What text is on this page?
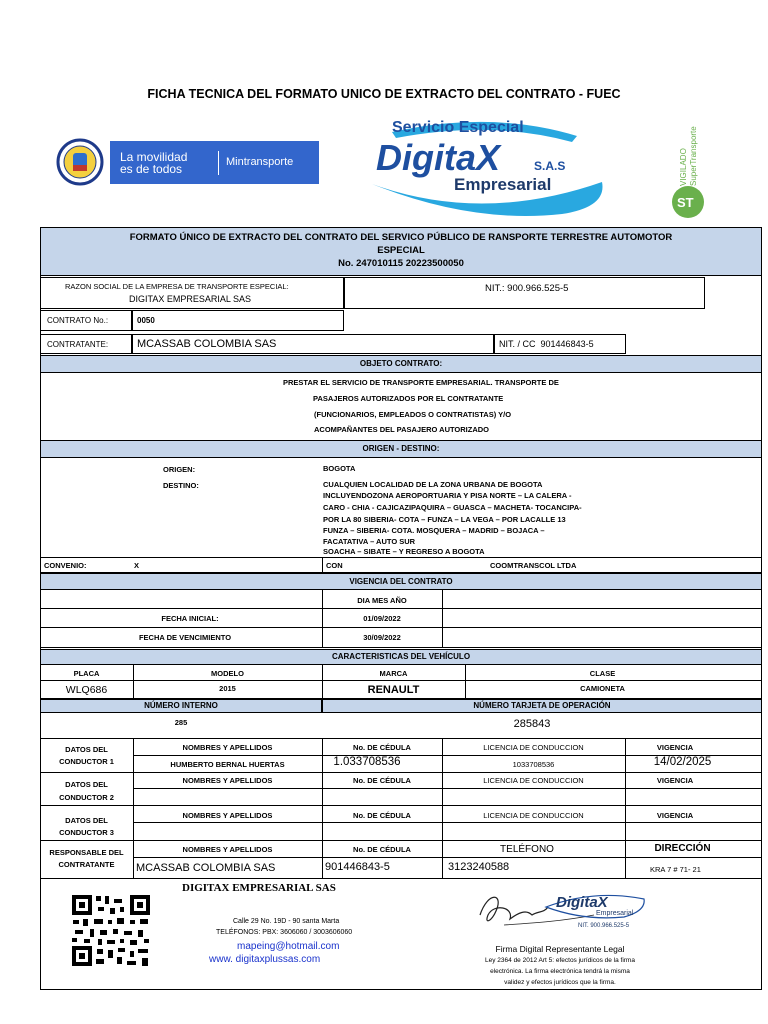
FICHA TECNICA DEL FORMATO UNICO DE EXTRACTO DEL CONTRATO - FUEC
La movilidad
es de todos	Mintransporte
Servicio Especial
DigitaX	S.A.S
Empresarial	VIGILADO SuperTransporte
ST
FORMATO ÚNICO DE EXTRACTO DEL CONTRATO DEL SERVICO PÚBLICO DE RANSPORTE TERRESTRE AUTOMOTOR
ESPECIAL
No. 247010115 20223500050
RAZON SOCIAL DE LA EMPRESA DE TRANSPORTE ESPECIAL:
DIGITAX EMPRESARIAL SAS
NIT.: 900.966.525-5
CONTRATO No.:	0050
CONTRATANTE:	MCASSAB COLOMBIA SAS	NIT. / CC
901446843-5
OBJETO CONTRATO:
PRESTAR EL SERVICIO DE TRANSPORTE EMPRESARIAL. TRANSPORTE DE
PASAJEROS AUTORIZADOS POR EL CONTRATANTE
(FUNCIONARIOS, EMPLEADOS O CONTRATISTAS) Y/O
ACOMPAÑANTES DEL PASAJERO AUTORIZADO
ORIGEN - DESTINO:
ORIGEN:	BOGOTA
DESTINO:	CUALQUIEN LOCALIDAD DE LA ZONA URBANA DE BOGOTA
INCLUYENDOZONA AEROPORTUARIA Y PISA NORTE – LA CALERA -
CARO - CHIA - CAJICAZIPAQUIRA – GUASCA – MACHETA- TOCANCIPA-
POR LA 80 SIBERIA- COTA – FUNZA – LA VEGA – POR LACALLE 13
FUNZA – SIBERIA- COTA. MOSQUERA – MADRID – BOJACA –
FACATATIVA – AUTO SUR
SOACHA – SIBATE – Y REGRESO A BOGOTA
CONVENIO:	X	CON	COOMTRANSCOL LTDA
VIGENCIA DEL CONTRATO
DIA MES AÑO
FECHA INICIAL:	01/09/2022
FECHA DE VENCIMIENTO	30/09/2022
CARACTERISTICAS DEL VEHÍCULO
PLACA	MODELO	MARCA	CLASE
WLQ686	2015	RENAULT	CAMIONETA
NÚMERO INTERNO	NÚMERO TARJETA DE OPERACIÓN
285	285843
DATOS DEL
CONDUCTOR 1
NOMBRES Y APELLIDOS	No. DE CÉDULA	LICENCIA DE CONDUCCION	VIGENCIA
HUMBERTO BERNAL HUERTAS	1.033708536	1033708536	14/02/2025
DATOS DEL
CONDUCTOR 2
NOMBRES Y APELLIDOS	No. DE CÉDULA	LICENCIA DE CONDUCCION	VIGENCIA
DATOS DEL
CONDUCTOR 3
NOMBRES Y APELLIDOS	No. DE CÉDULA	LICENCIA DE CONDUCCION	VIGENCIA
RESPONSABLE DEL
CONTRATANTE
NOMBRES Y APELLIDOS	No. DE CÉDULA	TELÉFONO	DIRECCIÓN
MCASSAB COLOMBIA SAS	901446843-5	3123240588	KRA 7 # 71- 21
DIGITAX EMPRESARIAL SAS
Calle 29 No. 19D - 90 santa Marta
TELÉFONOS: PBX: 3606060 / 3003606060
mapeing@hotmail.com
www. digitaxplussas.com
DigitaX
Empresarial
NIT. 900.966.525-5
Firma Digital Representante Legal
Ley 2364 de 2012 Art 5: efectos jurídicos de la firma
electrónica. La firma electrónica tendrá la misma
validez y efectos jurídicos que la firma.
